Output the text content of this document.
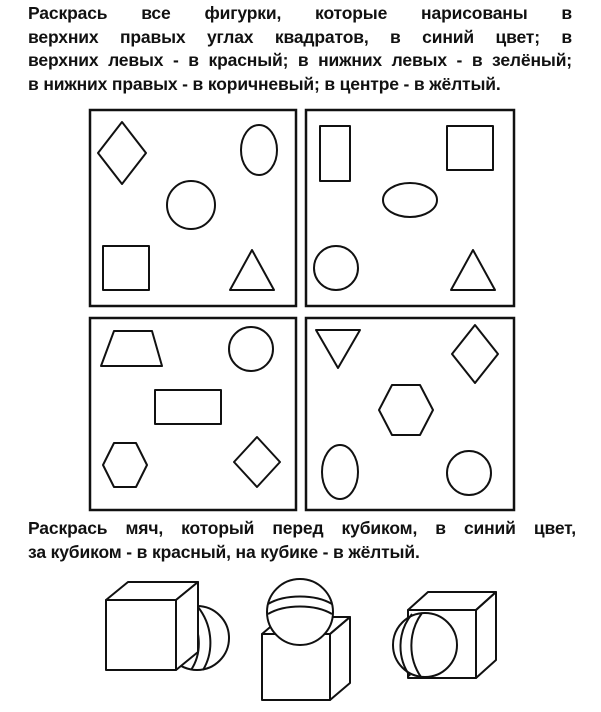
Раскрась все фигурки, которые нарисованы в
верхних правых углах квадратов, в синий цвет; в
верхних левых - в красный; в нижних левых - в зелёный;
в нижних правых - в коричневый; в центре - в жёлтый.
Раскрась мяч, который перед кубиком, в синий цвет,
за кубиком - в красный, на кубике - в жёлтый.
